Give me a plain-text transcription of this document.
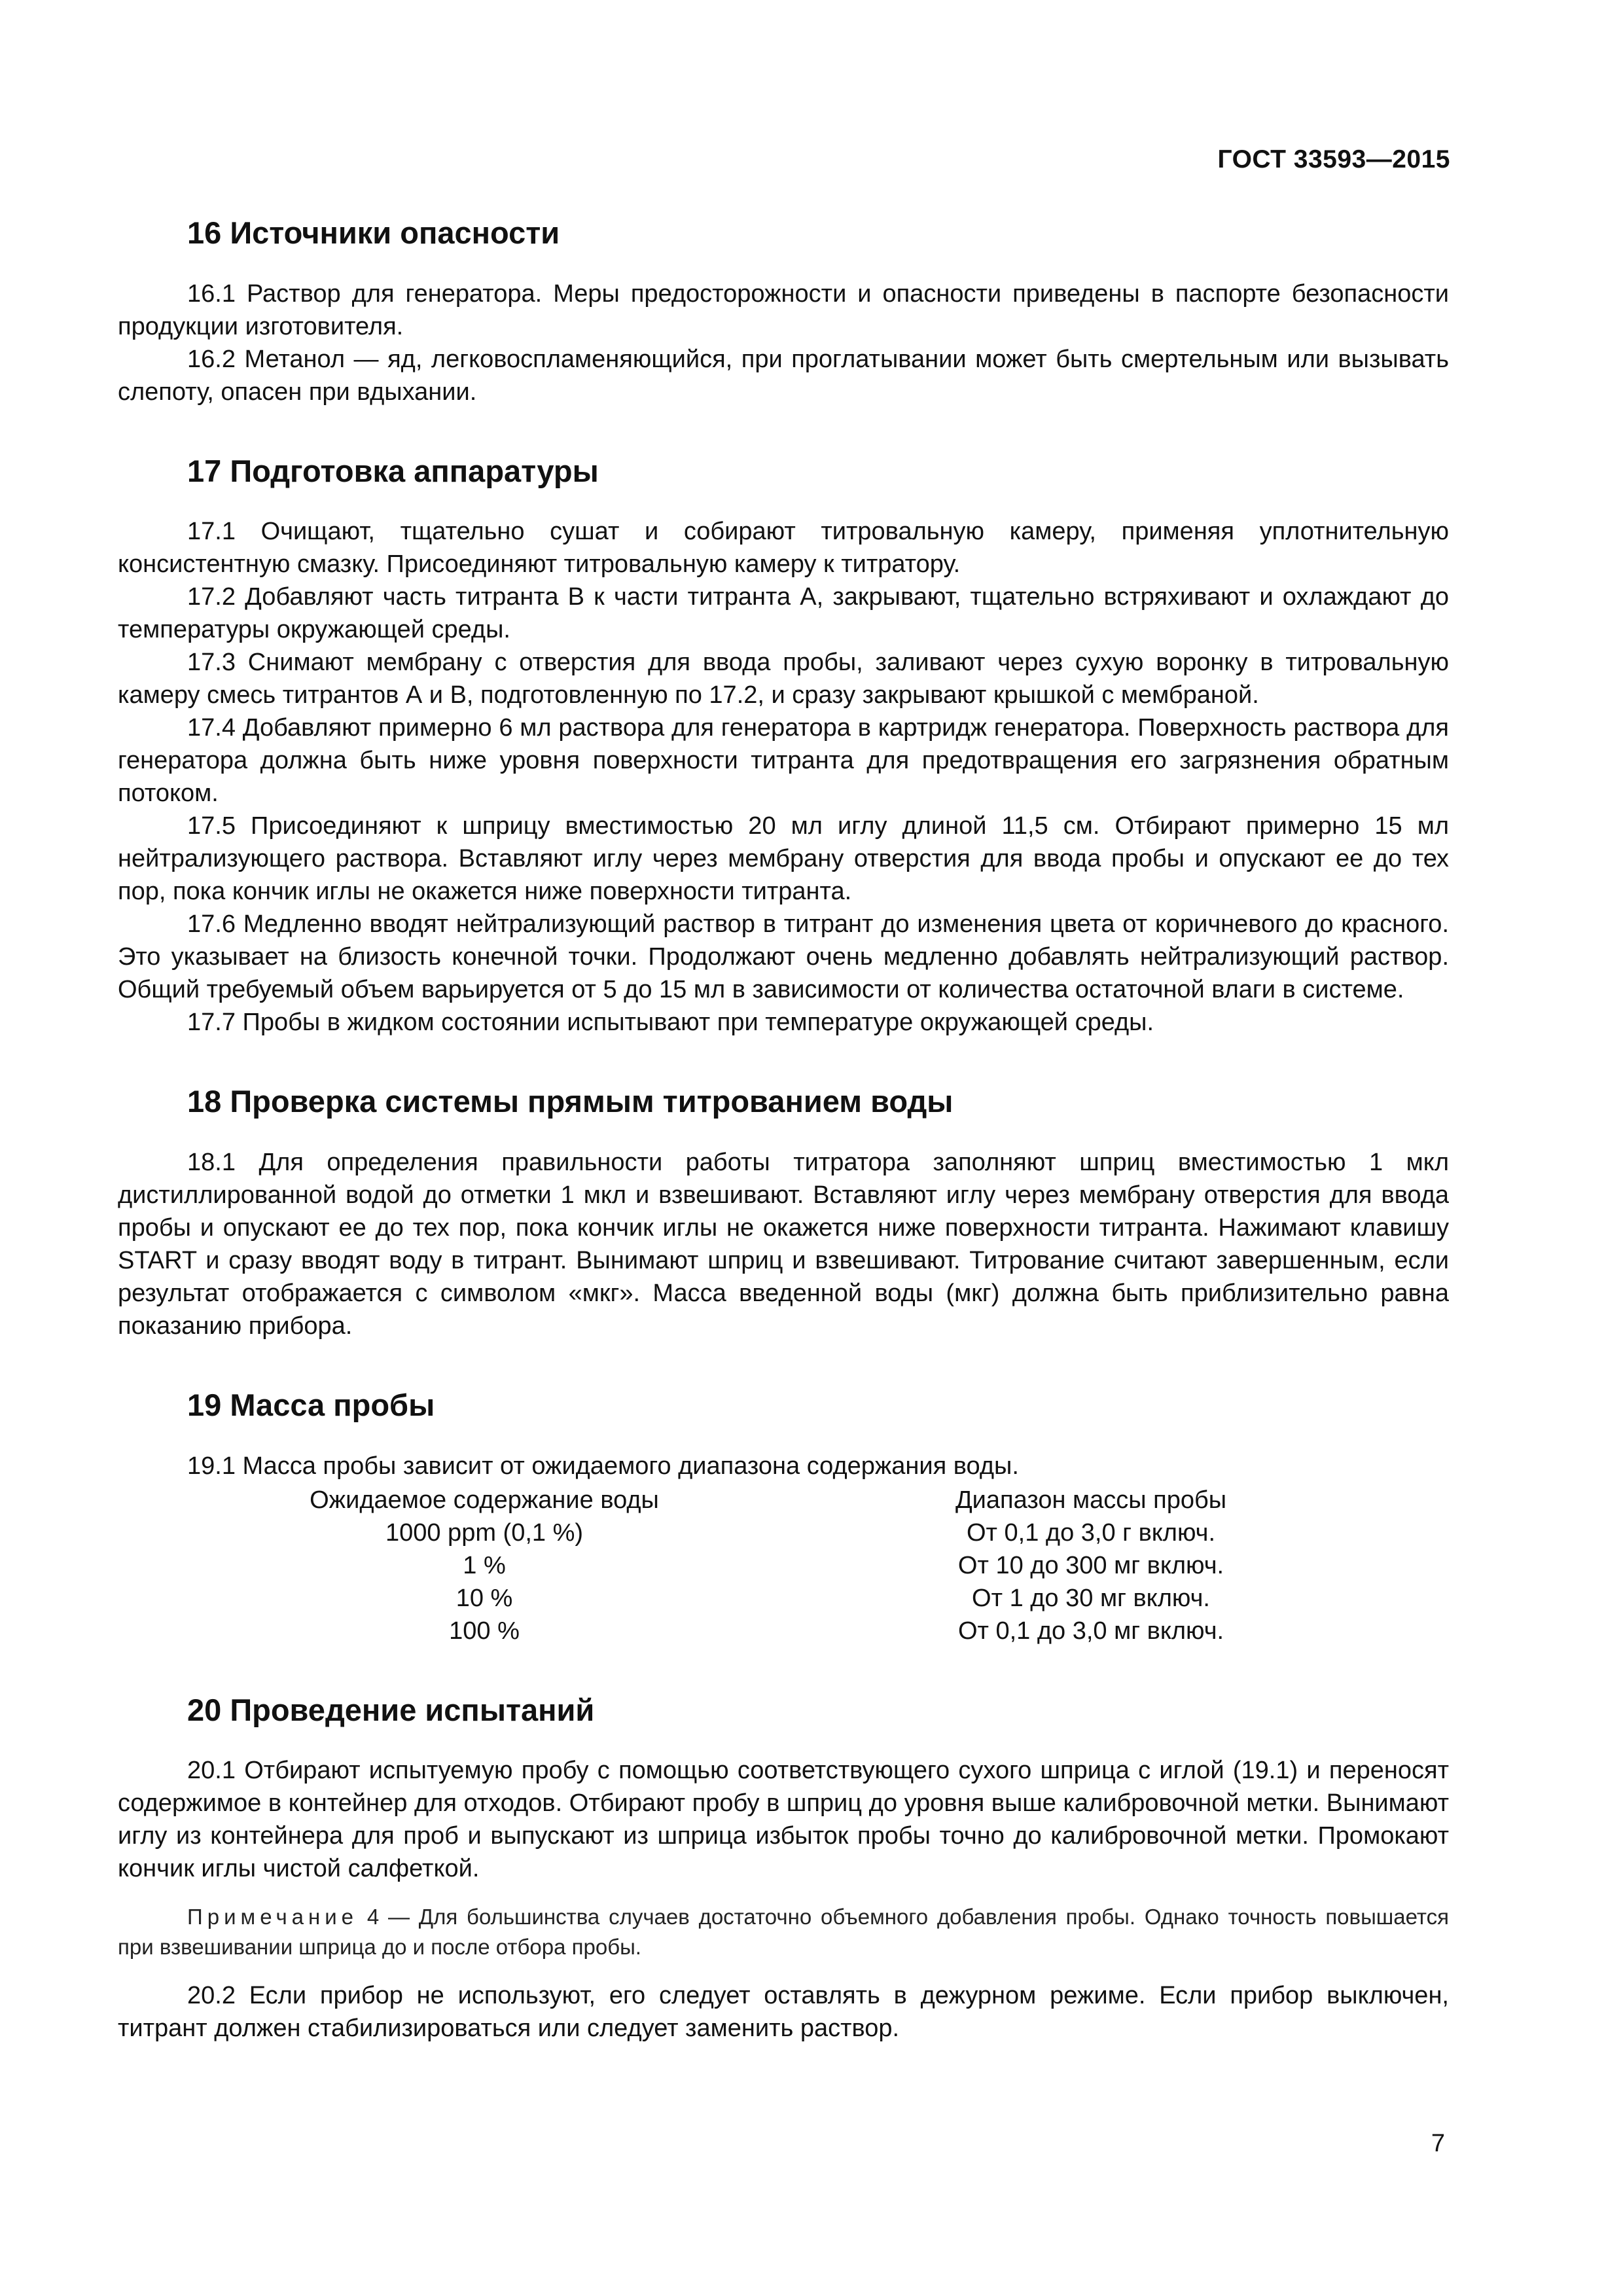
ГОСТ 33593—2015
16 Источники опасности

16.1 Раствор для генератора. Меры предосторожности и опасности приведены в паспорте безопасности продукции изготовителя.

16.2 Метанол — яд, легковоспламеняющийся, при проглатывании может быть смертельным или вызывать слепоту, опасен при вдыхании.

17 Подготовка аппаратуры

17.1 Очищают, тщательно сушат и собирают титровальную камеру, применяя уплотнительную консистентную смазку. Присоединяют титровальную камеру к титратору.

17.2 Добавляют часть титранта В к части титранта А, закрывают, тщательно встряхивают и охлаждают до температуры окружающей среды.

17.3 Снимают мембрану с отверстия для ввода пробы, заливают через сухую воронку в титровальную камеру смесь титрантов А и В, подготовленную по 17.2, и сразу закрывают крышкой с мембраной.

17.4 Добавляют примерно 6 мл раствора для генератора в картридж генератора. Поверхность раствора для генератора должна быть ниже уровня поверхности титранта для предотвращения его загрязнения обратным потоком.

17.5 Присоединяют к шприцу вместимостью 20 мл иглу длиной 11,5 см. Отбирают примерно 15 мл нейтрализующего раствора. Вставляют иглу через мембрану отверстия для ввода пробы и опускают ее до тех пор, пока кончик иглы не окажется ниже поверхности титранта.

17.6 Медленно вводят нейтрализующий раствор в титрант до изменения цвета от коричневого до красного. Это указывает на близость конечной точки. Продолжают очень медленно добавлять нейтрализующий раствор. Общий требуемый объем варьируется от 5 до 15 мл в зависимости от количества остаточной влаги в системе.

17.7 Пробы в жидком состоянии испытывают при температуре окружающей среды.

18 Проверка системы прямым титрованием воды

18.1 Для определения правильности работы титратора заполняют шприц вместимостью 1 мкл дистиллированной водой до отметки 1 мкл и взвешивают. Вставляют иглу через мембрану отверстия для ввода пробы и опускают ее до тех пор, пока кончик иглы не окажется ниже поверхности титранта. Нажимают клавишу START и сразу вводят воду в титрант. Вынимают шприц и взвешивают. Титрование считают завершенным, если результат отображается с символом «мкг». Масса введенной воды (мкг) должна быть приблизительно равна показанию прибора.

19 Масса пробы

19.1 Масса пробы зависит от ожидаемого диапазона содержания воды.

Ожидаемое содержание воды	Диапазон массы пробы
1000 ppm (0,1 %)	От 0,1 до 3,0 г включ.
1 %	От 10 до 300 мг включ.
10 %	От 1 до 30 мг включ.
100 %	От 0,1 до 3,0 мг включ.
20 Проведение испытаний

20.1 Отбирают испытуемую пробу с помощью соответствующего сухого шприца с иглой (19.1) и переносят содержимое в контейнер для отходов. Отбирают пробу в шприц до уровня выше калибровочной метки. Вынимают иглу из контейнера для проб и выпускают из шприца избыток пробы точно до калибровочной метки. Промокают кончик иглы чистой салфеткой.

Примечание 4 — Для большинства случаев достаточно объемного добавления пробы. Однако точность повышается при взвешивании шприца до и после отбора пробы.

20.2 Если прибор не используют, его следует оставлять в дежурном режиме. Если прибор выключен, титрант должен стабилизироваться или следует заменить раствор.

7
